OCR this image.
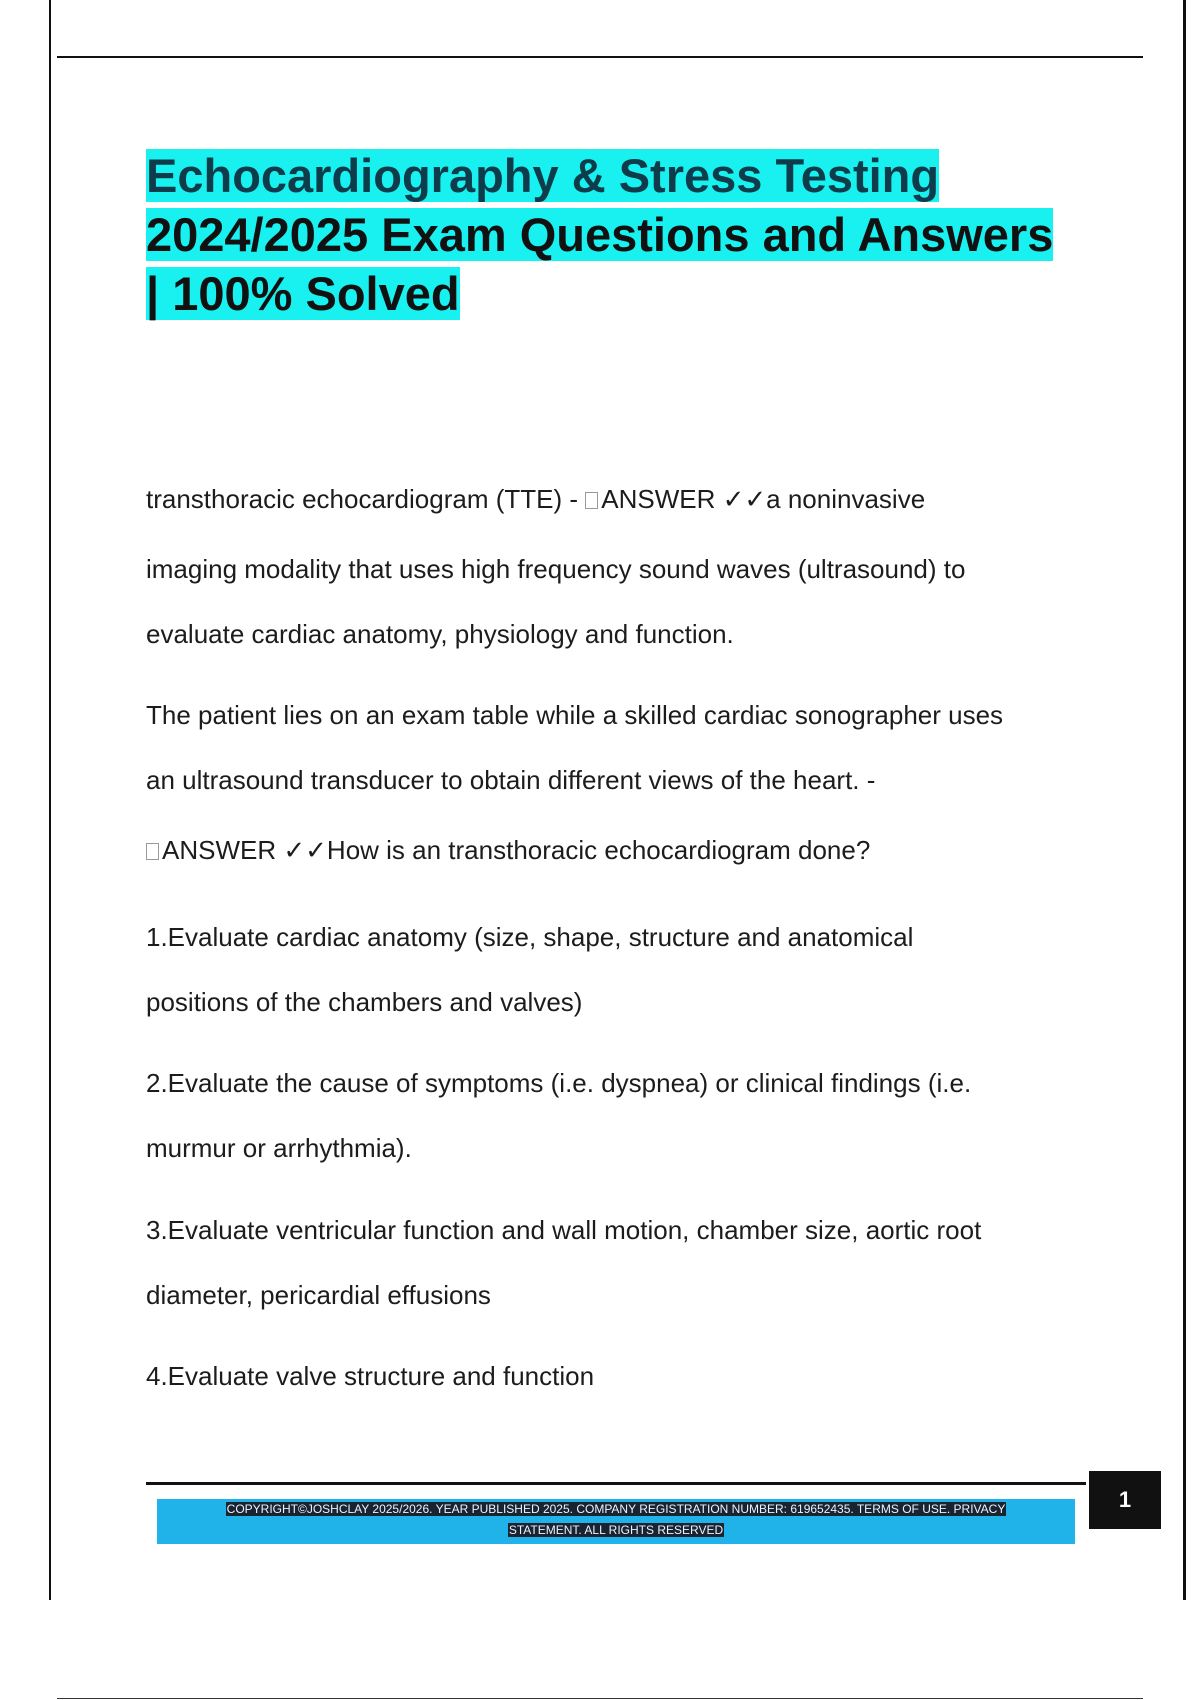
Echocardiography & Stress Testing
2024/2025 Exam Questions and Answers
| 100% Solved
transthoracic echocardiogram (TTE) - ANSWER ✓✓a noninvasive
imaging modality that uses high frequency sound waves (ultrasound) to
evaluate cardiac anatomy, physiology and function.
The patient lies on an exam table while a skilled cardiac sonographer uses
an ultrasound transducer to obtain different views of the heart. -
ANSWER ✓✓How is an transthoracic echocardiogram done?
1.Evaluate cardiac anatomy (size, shape, structure and anatomical
positions of the chambers and valves)
2.Evaluate the cause of symptoms (i.e. dyspnea) or clinical findings (i.e.
murmur or arrhythmia).
3.Evaluate ventricular function and wall motion, chamber size, aortic root
diameter, pericardial effusions
4.Evaluate valve structure and function
COPYRIGHT©JOSHCLAY 2025/2026. YEAR PUBLISHED 2025. COMPANY REGISTRATION NUMBER: 619652435. TERMS OF USE. PRIVACY
STATEMENT. ALL RIGHTS RESERVED
1
